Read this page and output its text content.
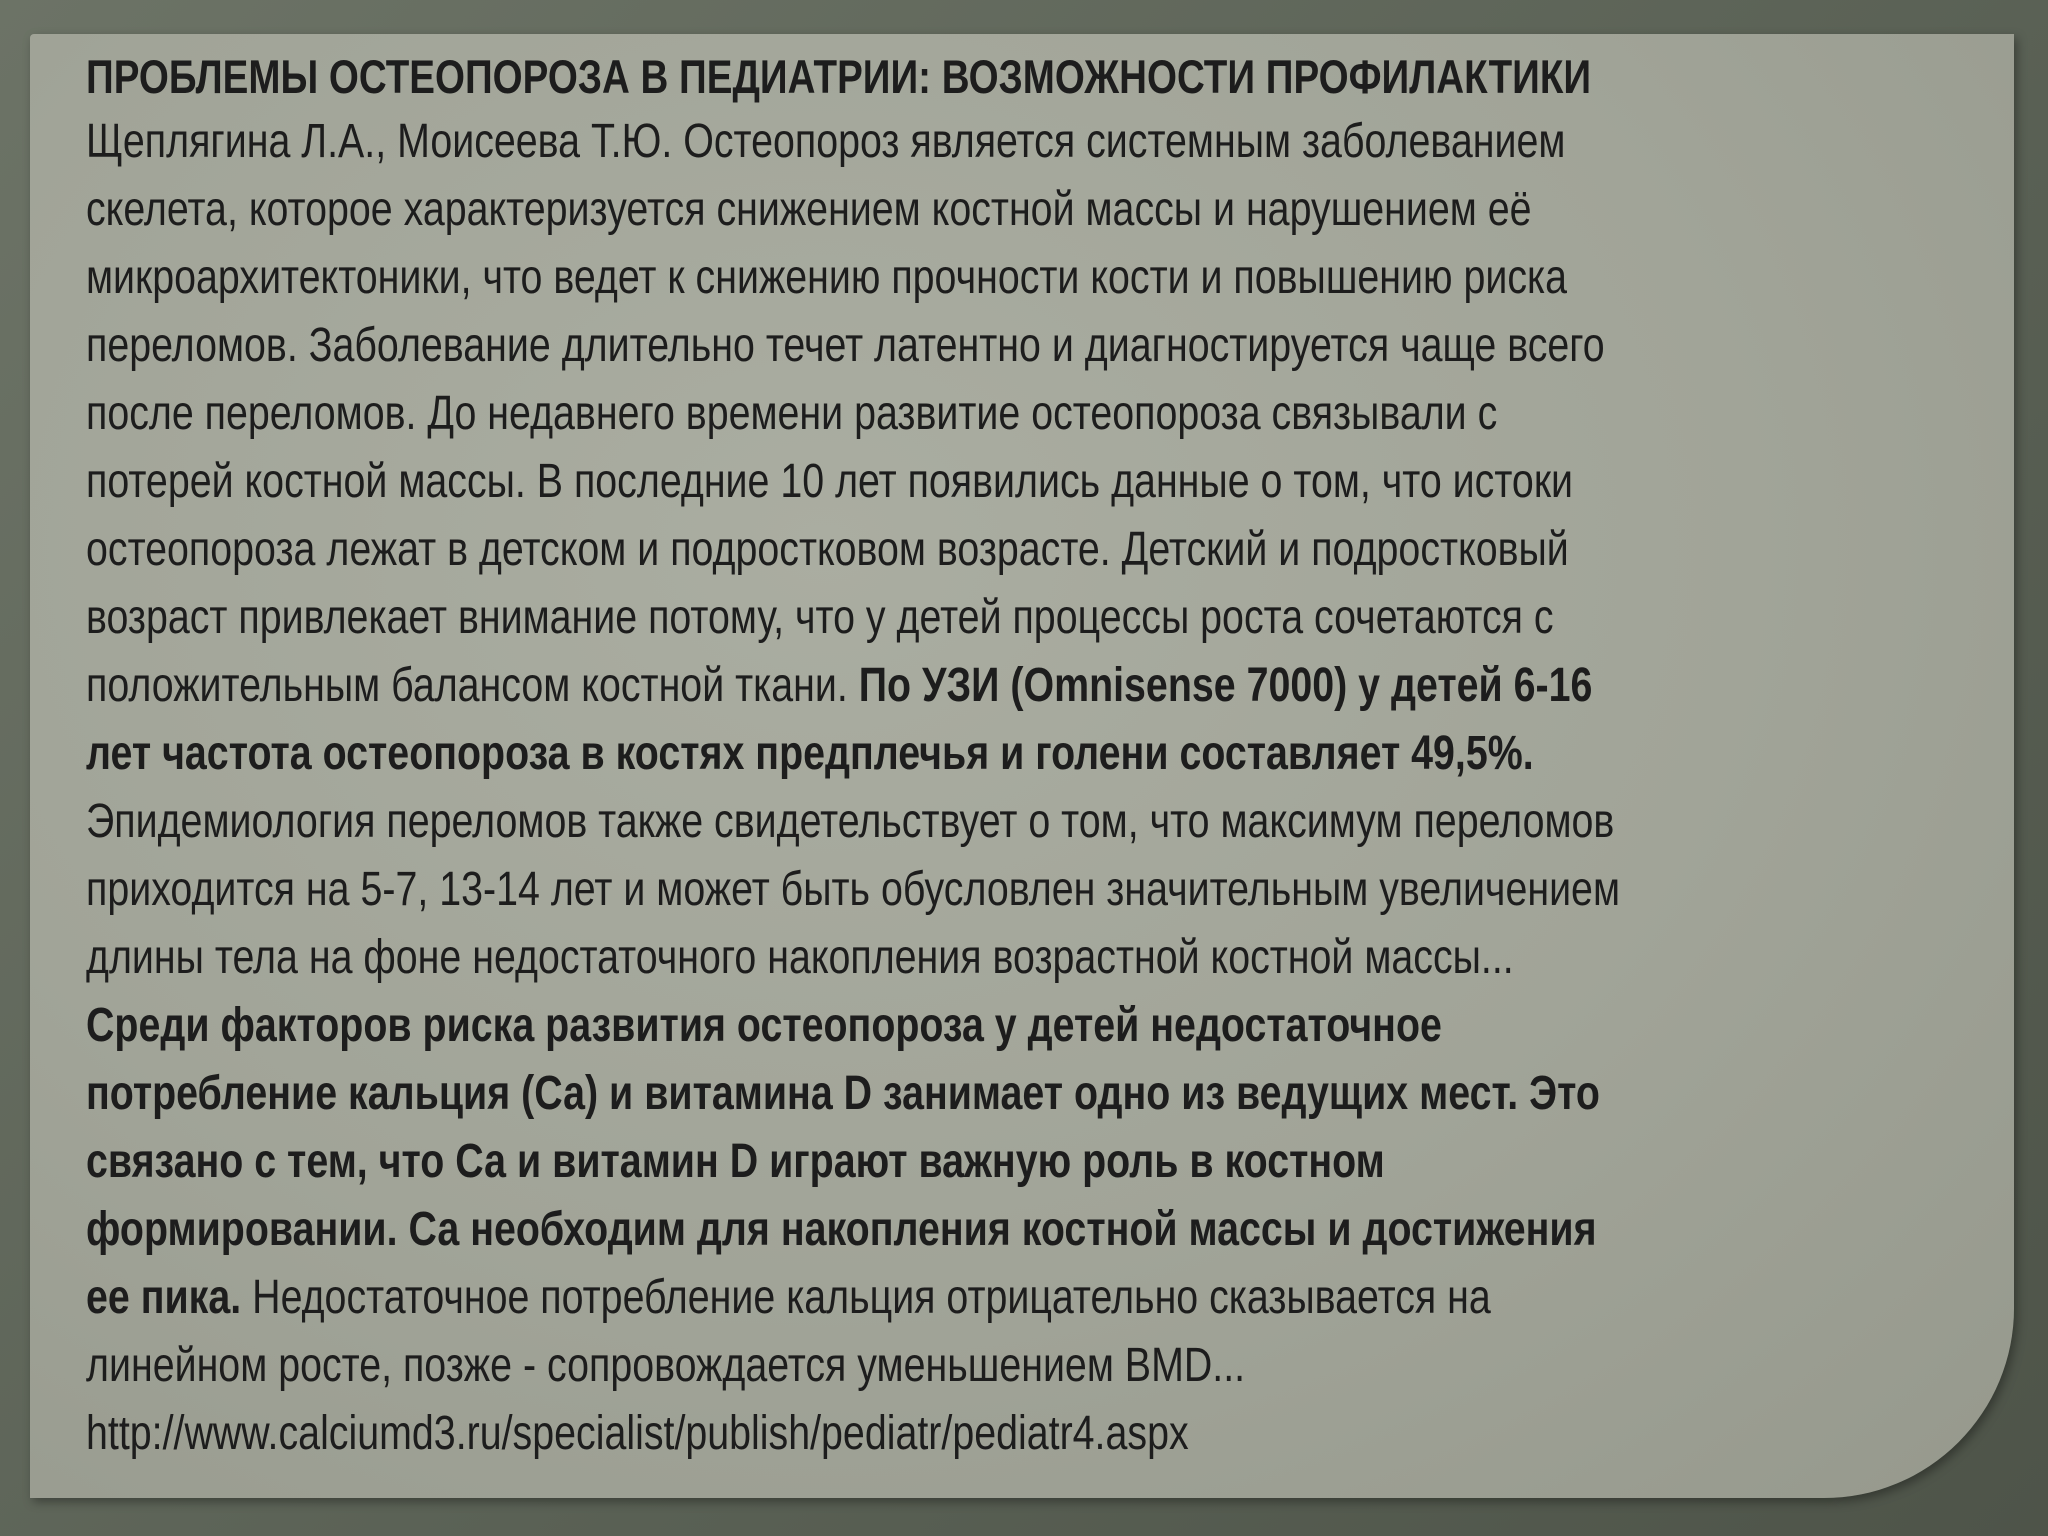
ПРОБЛЕМЫ ОСТЕОПОРОЗА В ПЕДИАТРИИ: ВОЗМОЖНОСТИ ПРОФИЛАКТИКИ
Щеплягина Л.А., Моисеева Т.Ю. Остеопороз является системным заболеванием
скелета, которое характеризуется снижением костной массы и нарушением её
микроархитектоники, что ведет к снижению прочности кости и повышению риска
переломов. Заболевание длительно течет латентно и диагностируется чаще всего
после переломов. До недавнего времени развитие остеопороза связывали с
потерей костной массы. В последние 10 лет появились данные о том, что истоки
остеопороза лежат в детском и подростковом возрасте. Детский и подростковый
возраст привлекает внимание потому, что у детей процессы роста сочетаются с
положительным балансом костной ткани. По УЗИ (Omnisense 7000) у детей 6-16
лет частота остеопороза в костях предплечья и голени составляет 49,5%.
Эпидемиология переломов также свидетельствует о том, что максимум переломов
приходится на 5-7, 13-14 лет и может быть обусловлен значительным увеличением
длины тела на фоне недостаточного накопления возрастной костной массы...
Среди факторов риска развития остеопороза у детей недостаточное
потребление кальция (Са) и витамина D занимает одно из ведущих мест. Это
связано с тем, что Са и витамин D играют важную роль в костном
формировании. Са необходим для накопления костной массы и достижения
ее пика. Недостаточное потребление кальция отрицательно сказывается на
линейном росте, позже - сопровождается уменьшением BMD...
http://www.calciumd3.ru/specialist/publish/pediatr/pediatr4.aspx
